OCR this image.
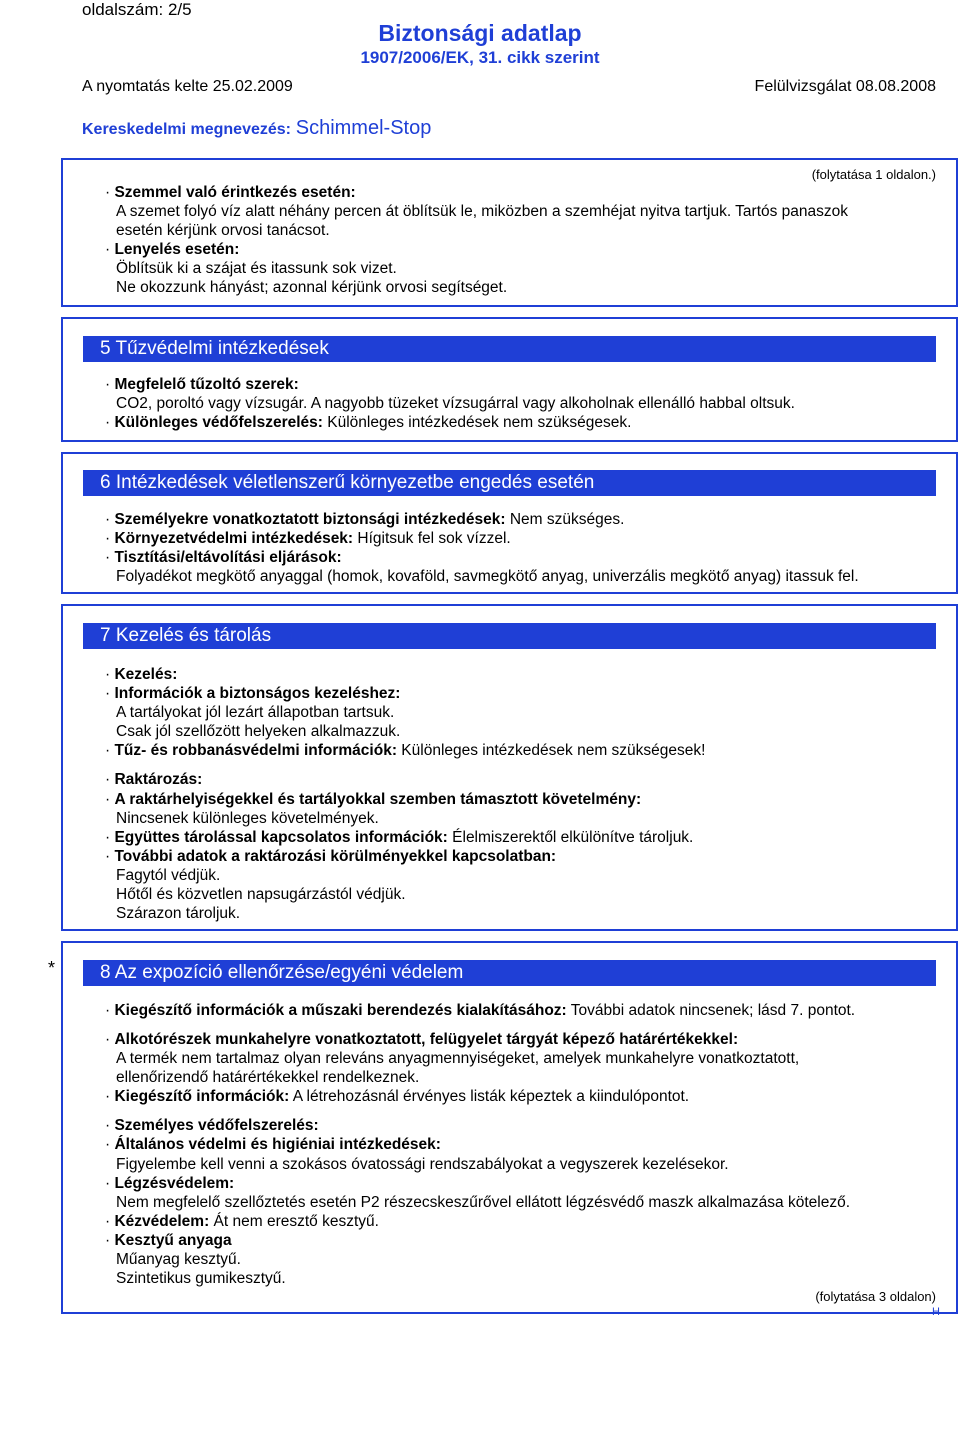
oldalszám: 2/5
Biztonsági adatlap
1907/2006/EK, 31. cikk szerint
A nyomtatás kelte 25.02.2009	Felülvizsgálat 08.08.2008
Kereskedelmi megnevezés: Schimmel-Stop
(folytatása 1 oldalon.)
· Szemmel való érintkezés esetén:
A szemet folyó víz alatt néhány percen át öblítsük le, miközben a szemhéjat nyitva tartjuk. Tartós panaszok
esetén kérjünk orvosi tanácsot.
· Lenyelés esetén:
Öblítsük ki a szájat és itassunk sok vizet.
Ne okozzunk hányást; azonnal kérjünk orvosi segítséget.
5 Tűzvédelmi intézkedések
· Megfelelő tűzoltó szerek:
CO2, poroltó vagy vízsugár. A nagyobb tüzeket vízsugárral vagy alkoholnak ellenálló habbal oltsuk.
· Különleges védőfelszerelés: Különleges intézkedések nem szükségesek.
6 Intézkedések véletlenszerű környezetbe engedés esetén
· Személyekre vonatkoztatott biztonsági intézkedések: Nem szükséges.
· Környezetvédelmi intézkedések: Hígitsuk fel sok vízzel.
· Tisztítási/eltávolítási eljárások:
Folyadékot megkötő anyaggal (homok, kovaföld, savmegkötő anyag, univerzális megkötő anyag) itassuk fel.
7 Kezelés és tárolás
· Kezelés:
· Információk a biztonságos kezeléshez:
A tartályokat jól lezárt állapotban tartsuk.
Csak jól szellőzött helyeken alkalmazzuk.
· Tűz- és robbanásvédelmi információk: Különleges intézkedések nem szükségesek!
· Raktározás:
· A raktárhelyiségekkel és tartályokkal szemben támasztott követelmény:
Nincsenek különleges követelmények.
· Együttes tárolással kapcsolatos információk: Élelmiszerektől elkülönítve tároljuk.
· További adatok a raktározási körülményekkel kapcsolatban:
Fagytól védjük.
Hőtől és közvetlen napsugárzástól védjük.
Szárazon tároljuk.
*	8 Az expozíció ellenőrzése/egyéni védelem
· Kiegészítő információk a műszaki berendezés kialakításához: További adatok nincsenek; lásd 7. pontot.
· Alkotórészek munkahelyre vonatkoztatott, felügyelet tárgyát képező határértékekkel:
A termék nem tartalmaz olyan releváns anyagmennyiségeket, amelyek munkahelyre vonatkoztatott,
ellenőrizendő határértékekkel rendelkeznek.
· Kiegészítő információk: A létrehozásnál érvényes listák képeztek a kiindulópontot.
· Személyes védőfelszerelés:
· Általános védelmi és higiéniai intézkedések:
Figyelembe kell venni a szokásos óvatossági rendszabályokat a vegyszerek kezelésekor.
· Légzésvédelem:
Nem megfelelő szellőztetés esetén P2 részecskeszűrővel ellátott légzésvédő maszk alkalmazása kötelező.
· Kézvédelem: Át nem eresztő kesztyű.
· Kesztyű anyaga
Műanyag kesztyű.
Szintetikus gumikesztyű.
(folytatása 3 oldalon)
H
